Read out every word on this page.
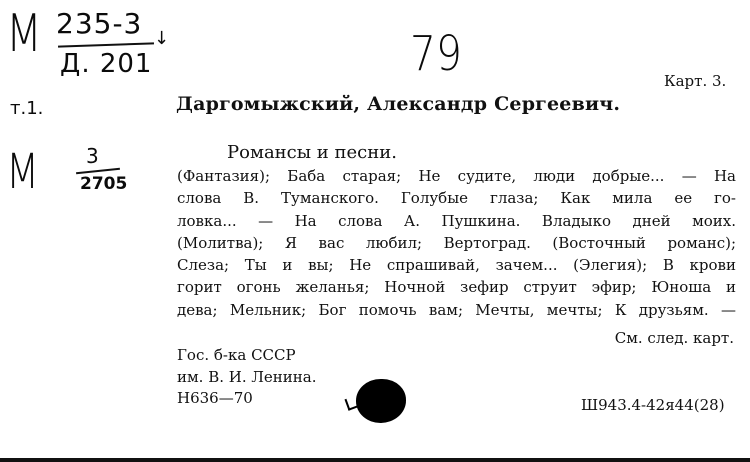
M 235-3
Д. 201
↓	79
т.1.
M 3
2705
Карт. 3.
Даргомыжский, Александр Сергеевич.
Романсы и песни.
(Фантазия); Баба старая; Не судите, люди добрые... — На
слова В. Туманского. Голубые глаза; Как мила ее го-
ловка... — На слова А. Пушкина. Владыко дней моих.
(Молитва); Я вас любил; Вертоград. (Восточный романс);
Слеза; Ты и вы; Не спрашивай, зачем... (Элегия); В крови
горит огонь желанья; Ночной зефир струит эфир; Юноша и
дева; Мельник; Бог помочь вам; Мечты, мечты; К друзьям. —
См. след. карт.
Гос. б-ка СССР
им. В. И. Ленина.
Н636—70	Ш943.4-42я44(28)
